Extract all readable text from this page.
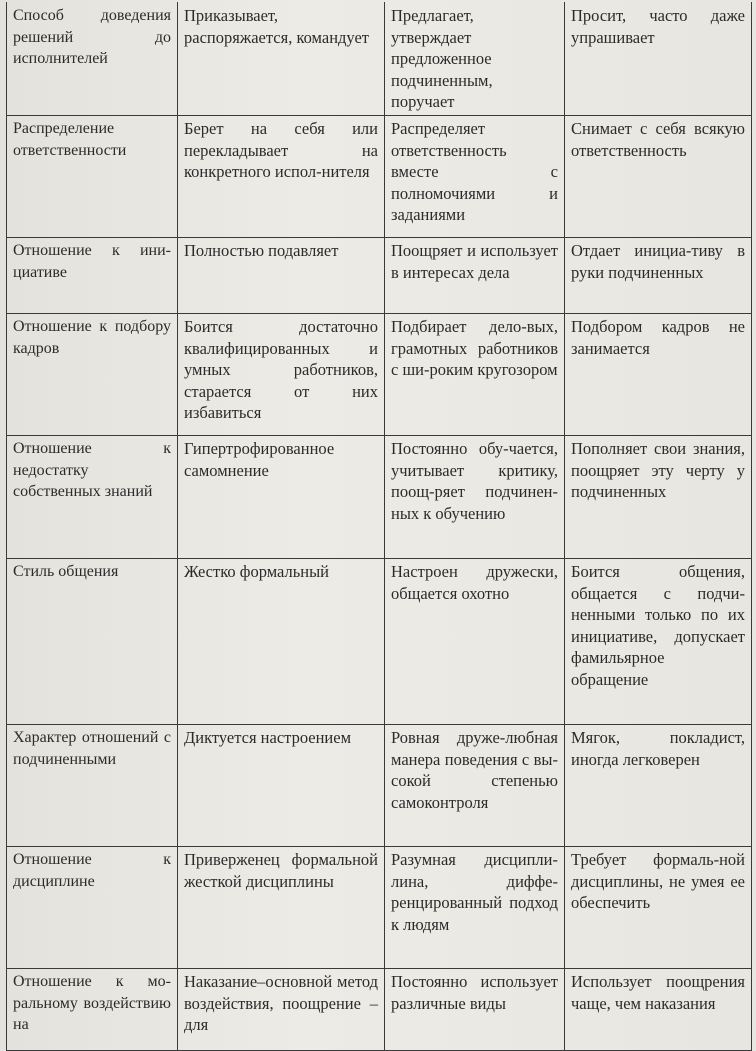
Способ доведения решений до исполнителей	Приказывает, распоряжается, командует	Предлагает, утверждает предложенное подчиненным, поручает	Просит, часто даже упрашивает
Распределение ответственности	Берет на себя или перекладывает на конкретного испол-нителя	Распределяет ответственность вместе с полномочиями и заданиями	Снимает с себя всякую ответственность
Отношение к ини-циативе	Полностью подавляет	Поощряет и использует в интересах дела	Отдает инициа-тиву в руки подчиненных
Отношение к подбору кадров	Боится достаточно квалифицированных и умных работников, старается от них избавиться	Подбирает дело-вых, грамотных работников с ши-роким кругозором	Подбором кадров не занимается
Отношение к недостатку собственных знаний	Гипертрофированное самомнение	Постоянно обу-чается, учитывает критику, поощ-ряет подчинен-ных к обучению	Пополняет свои знания, поощряет эту черту у подчиненных
Стиль общения	Жестко формальный	Настроен дружески, общается охотно	Боится общения, общается с подчи-ненными только по их инициативе, допускает фамильярное обращение
Характер отношений с подчиненными	Диктуется настроением	Ровная друже-любная манера поведения с вы-сокой степенью самоконтроля	Мягок, покладист, иногда легковерен
Отношение к дисциплине	Приверженец формальной жесткой дисциплины	Разумная дисципли-лина, диффе-ренцированный подход к людям	Требует формаль-ной дисциплины, не умея ее обеспечить
Отношение к мо-ральному воздействию на	Наказание–основной метод воздействия, поощрение – для	Постоянно использует различные виды	Использует поощрения чаще, чем наказания
